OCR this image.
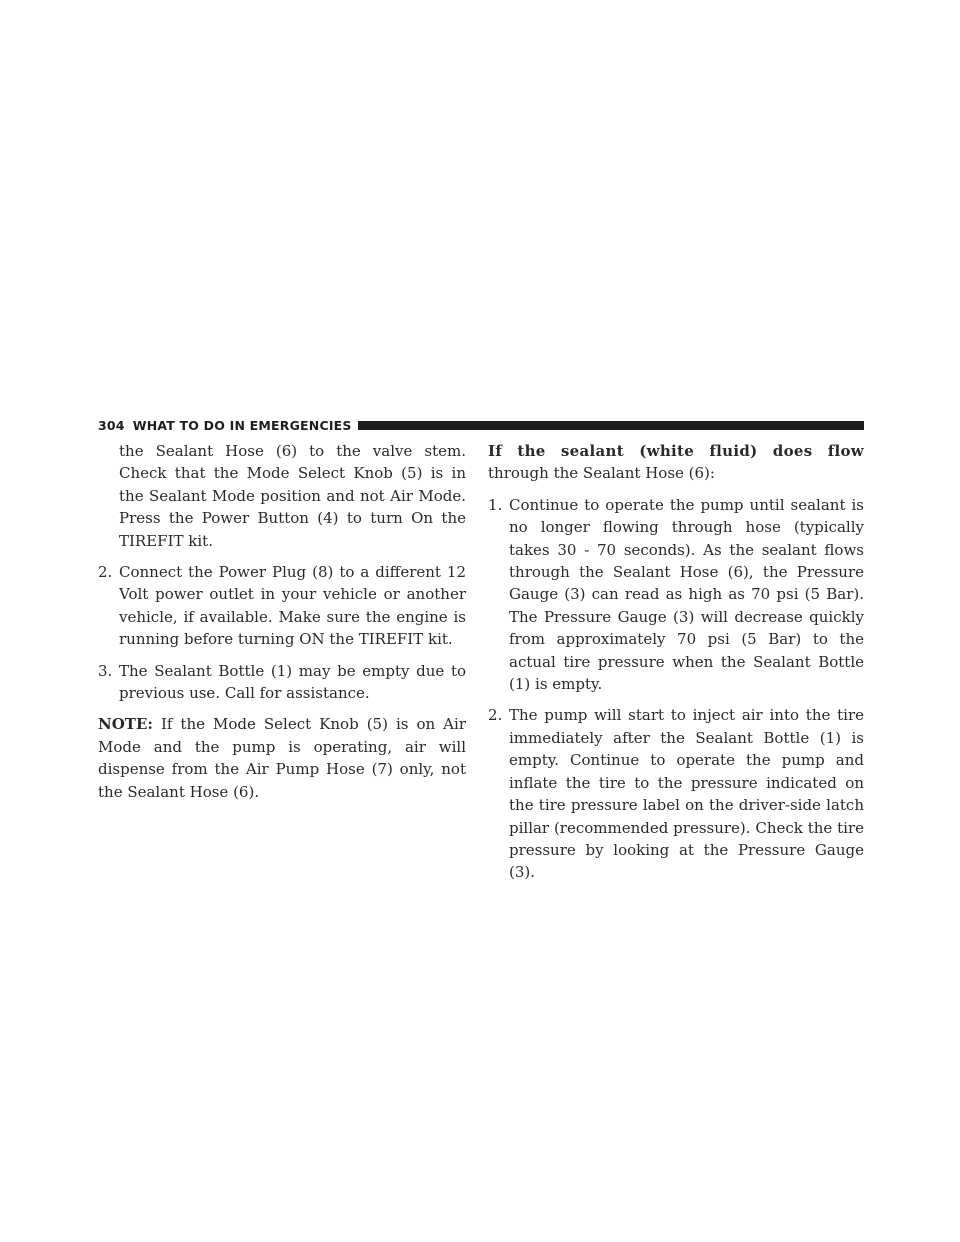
304 WHAT TO DO IN EMERGENCIES

the Sealant Hose (6) to the valve stem. Check that the Mode Select Knob (5) is in the Sealant Mode position and not Air Mode. Press the Power Button (4) to turn On the TIREFIT kit.

2. Connect the Power Plug (8) to a different 12 Volt power outlet in your vehicle or another vehicle, if available. Make sure the engine is running before turning ON the TIREFIT kit.
3. The Sealant Bottle (1) may be empty due to previous use. Call for assistance.

NOTE: If the Mode Select Knob (5) is on Air Mode and the pump is operating, air will dispense from the Air Pump Hose (7) only, not the Sealant Hose (6).

If the sealant (white fluid) does flow through the Sealant Hose (6):

1. Continue to operate the pump until sealant is no longer flowing through hose (typically takes 30 - 70 seconds). As the sealant flows through the Sealant Hose (6), the Pressure Gauge (3) can read as high as 70 psi (5 Bar). The Pressure Gauge (3) will decrease quickly from approximately 70 psi (5 Bar) to the actual tire pressure when the Sealant Bottle (1) is empty.
2. The pump will start to inject air into the tire immediately after the Sealant Bottle (1) is empty. Continue to operate the pump and inflate the tire to the pressure indicated on the tire pressure label on the driver-side latch pillar (recommended pressure). Check the tire pressure by looking at the Pressure Gauge (3).
